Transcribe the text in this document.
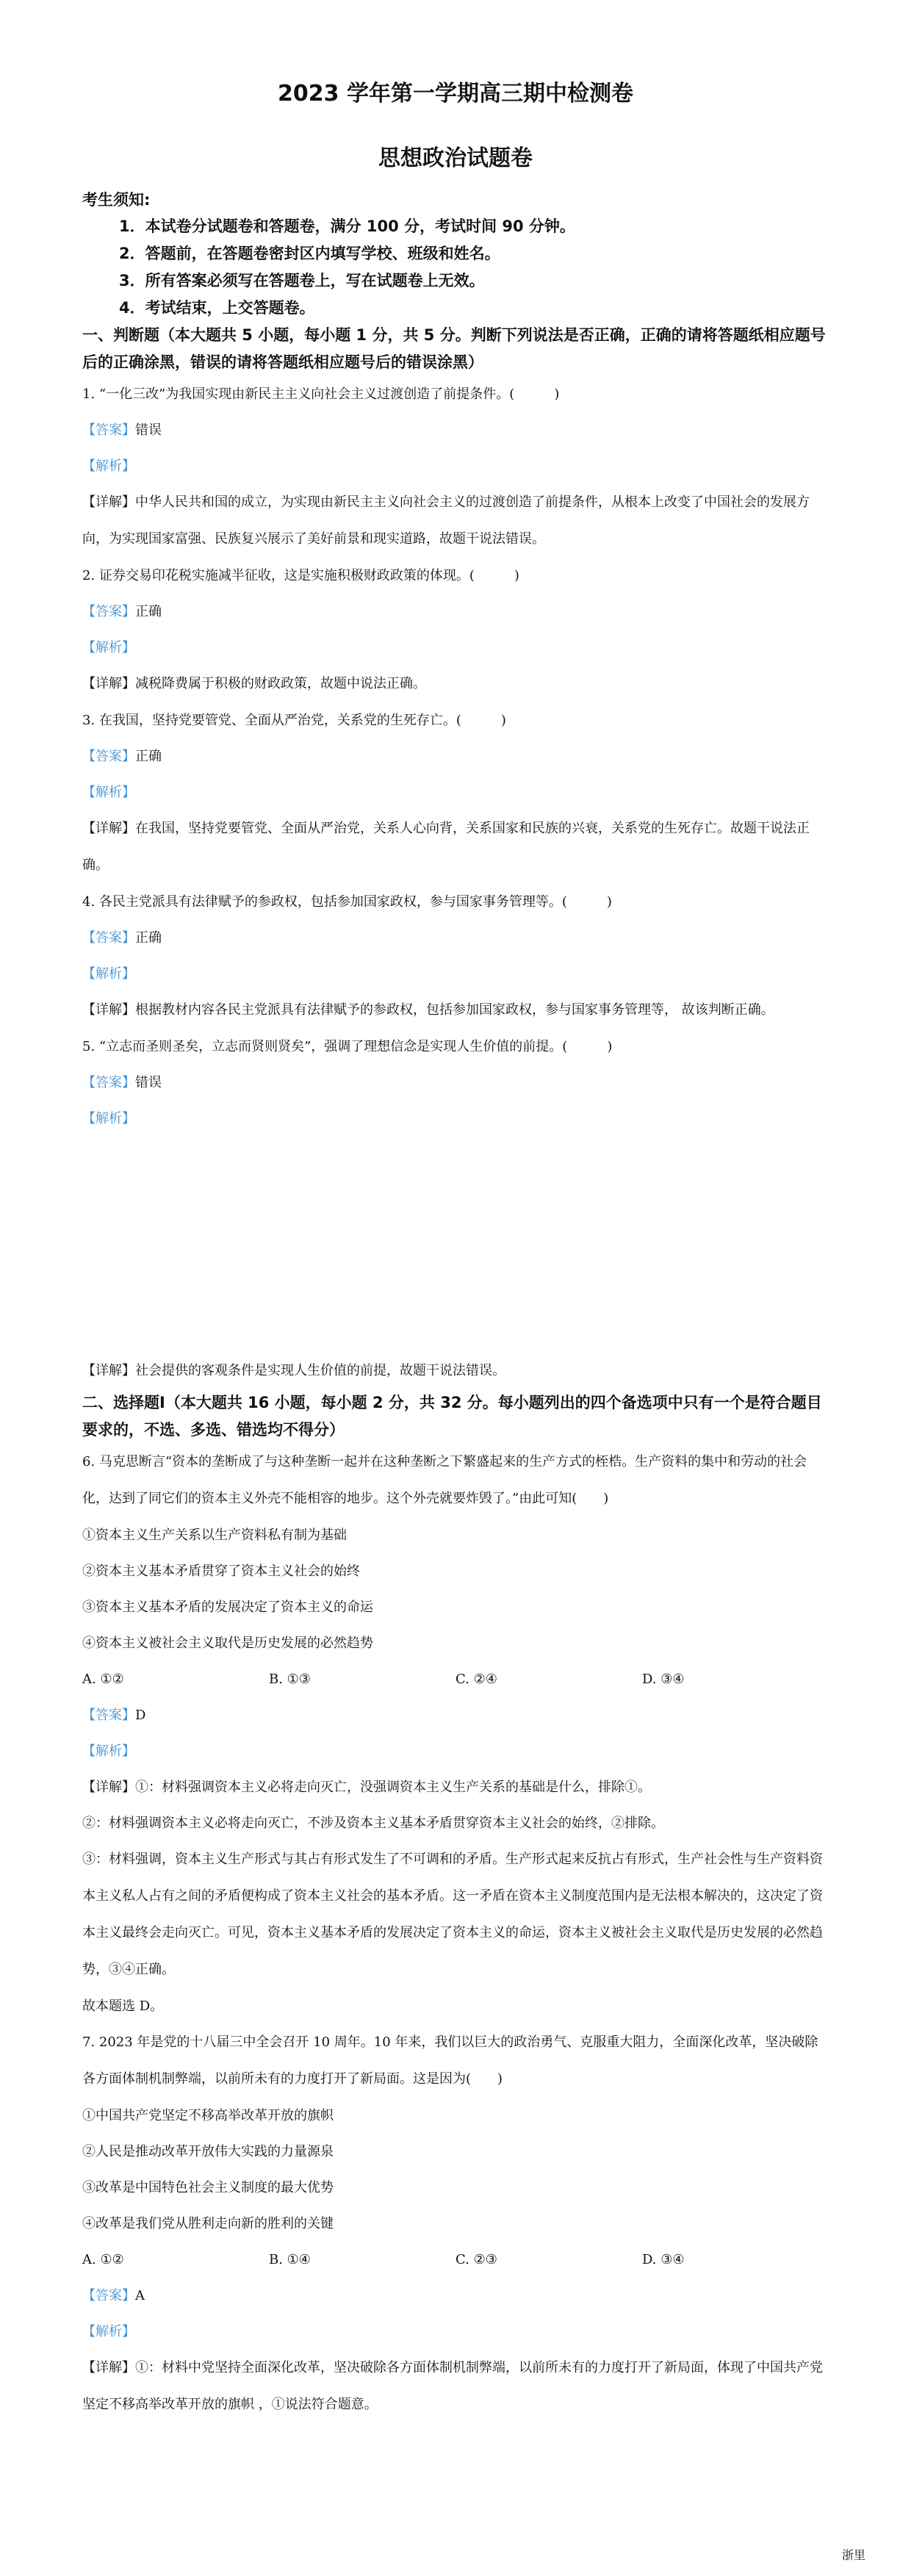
2023 学年第一学期高三期中检测卷
思想政治试题卷
考生须知:
1．本试卷分试题卷和答题卷，满分 100 分，考试时间 90 分钟。
2．答题前，在答题卷密封区内填写学校、班级和姓名。
3．所有答案必须写在答题卷上，写在试题卷上无效。
4．考试结束，上交答题卷。
一、判断题（本大题共 5 小题，每小题 1 分，共 5 分。判断下列说法是否正确，正确的请将答题纸相应题号后的正确涂黑，错误的请将答题纸相应题号后的错误涂黑）

1. “一化三改”为我国实现由新民主主义向社会主义过渡创造了前提条件。(　　　)

【答案】错误
【解析】

【详解】中华人民共和国的成立，为实现由新民主主义向社会主义的过渡创造了前提条件，从根本上改变了中国社会的发展方向，为实现国家富强、民族复兴展示了美好前景和现实道路，故题干说法错误。

2. 证券交易印花税实施减半征收，这是实施积极财政政策的体现。(　　　)

【答案】正确
【解析】

【详解】减税降费属于积极的财政政策，故题中说法正确。

3. 在我国，坚持党要管党、全面从严治党，关系党的生死存亡。(　　　)

【答案】正确
【解析】

【详解】在我国，坚持党要管党、全面从严治党，关系人心向背，关系国家和民族的兴衰，关系党的生死存亡。故题干说法正确。

4. 各民主党派具有法律赋予的参政权，包括参加国家政权，参与国家事务管理等。(　　　)

【答案】正确
【解析】

【详解】根据教材内容各民主党派具有法律赋予的参政权，包括参加国家政权，参与国家事务管理等， 故该判断正确。

5. “立志而圣则圣矣，立志而贤则贤矣”，强调了理想信念是实现人生价值的前提。(　　　)

【答案】错误
【解析】

【详解】社会提供的客观条件是实现人生价值的前提，故题干说法错误。

二、选择题Ⅰ（本大题共 16 小题，每小题 2 分，共 32 分。每小题列出的四个备选项中只有一个是符合题目要求的，不选、多选、错选均不得分）

6. 马克思断言“资本的垄断成了与这种垄断一起并在这种垄断之下繁盛起来的生产方式的桎梏。生产资料的集中和劳动的社会化，达到了同它们的资本主义外壳不能相容的地步。这个外壳就要炸毁了。”由此可知(　　)

①资本主义生产关系以生产资料私有制为基础

②资本主义基本矛盾贯穿了资本主义社会的始终

③资本主义基本矛盾的发展决定了资本主义的命运

④资本主义被社会主义取代是历史发展的必然趋势

A. ①②	B. ①③	C. ②④	D. ③④
【答案】D
【解析】

【详解】①：材料强调资本主义必将走向灭亡，没强调资本主义生产关系的基础是什么，排除①。

②：材料强调资本主义必将走向灭亡，不涉及资本主义基本矛盾贯穿资本主义社会的始终，②排除。

③：材料强调，资本主义生产形式与其占有形式发生了不可调和的矛盾。生产形式起来反抗占有形式，生产社会性与生产资料资本主义私人占有之间的矛盾便构成了资本主义社会的基本矛盾。这一矛盾在资本主义制度范围内是无法根本解决的，这决定了资本主义最终会走向灭亡。可见，资本主义基本矛盾的发展决定了资本主义的命运，资本主义被社会主义取代是历史发展的必然趋势，③④正确。

故本题选 D。

7. 2023 年是党的十八届三中全会召开 10 周年。10 年来，我们以巨大的政治勇气、克服重大阻力，全面深化改革，坚决破除各方面体制机制弊端，以前所未有的力度打开了新局面。这是因为(　　)

①中国共产党坚定不移高举改革开放的旗帜

②人民是推动改革开放伟大实践的力量源泉

③改革是中国特色社会主义制度的最大优势

④改革是我们党从胜利走向新的胜利的关键

A. ①②	B. ①④	C. ②③	D. ③④
【答案】A
【解析】

【详解】①：材料中党坚持全面深化改革，坚决破除各方面体制机制弊端，以前所未有的力度打开了新局面，体现了中国共产党坚定不移高举改革开放的旗帜 ，①说法符合题意。

浙里
